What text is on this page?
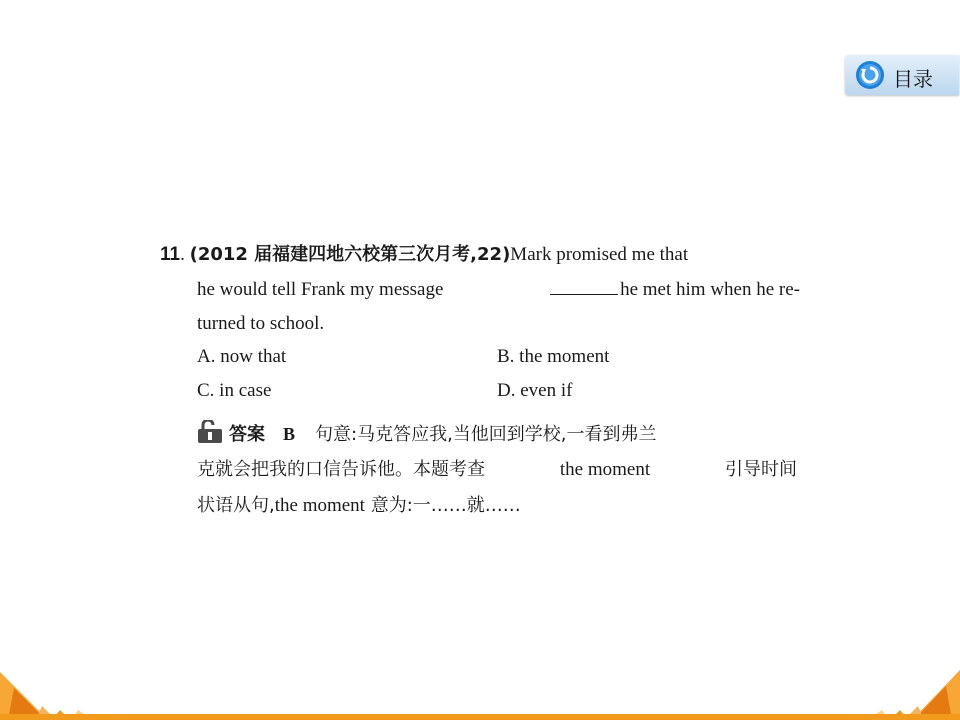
目录
11. (2012 届福建四地六校第三次月考,22)Mark promised me that
he would tell Frank my message	he met him when he re-
turned to school.
A. now that	B. the moment
C. in case	D. even if
答案 B 句意:马克答应我,当他回到学校,一看到弗兰
克就会把我的口信告诉他。本题考查	the moment	引导时间
状语从句,the moment 意为:一……就……
